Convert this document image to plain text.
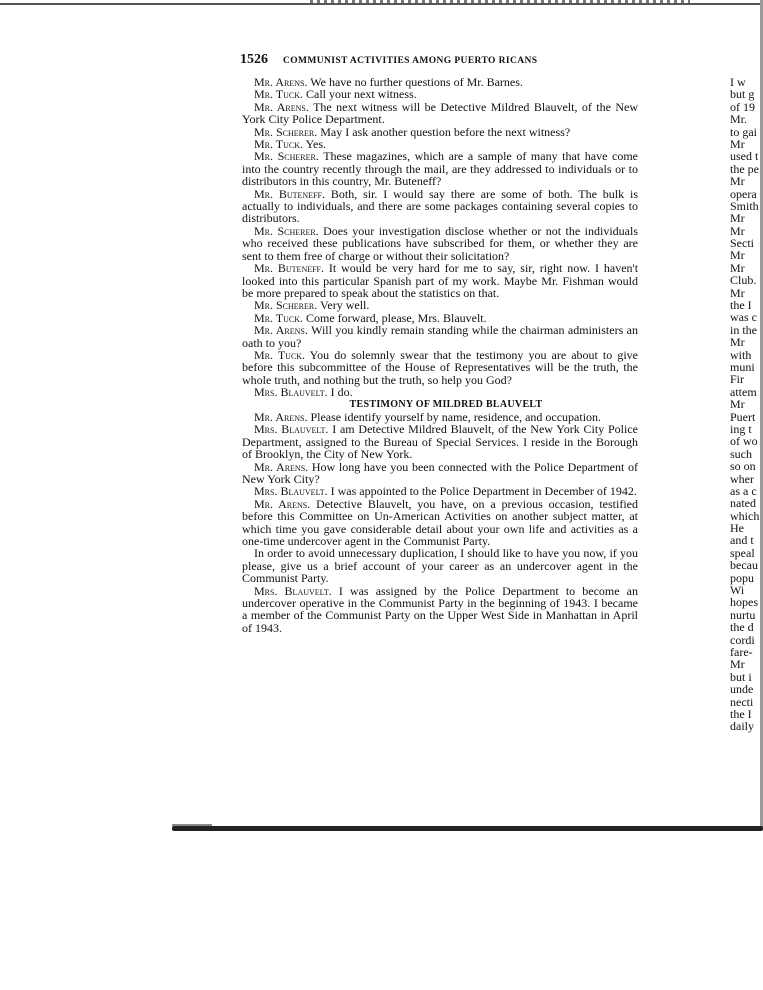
1526 COMMUNIST ACTIVITIES AMONG PUERTO RICANS

Mr. Arens. We have no further questions of Mr. Barnes.

Mr. Tuck. Call your next witness.

Mr. Arens. The next witness will be Detective Mildred Blauvelt, of the New York City Police Department.

Mr. Scherer. May I ask another question before the next witness?

Mr. Tuck. Yes.

Mr. Scherer. These magazines, which are a sample of many that have come into the country recently through the mail, are they addressed to individuals or to distributors in this country, Mr. Buteneff?

Mr. Buteneff. Both, sir. I would say there are some of both. The bulk is actually to individuals, and there are some packages containing several copies to distributors.

Mr. Scherer. Does your investigation disclose whether or not the individuals who received these publications have subscribed for them, or whether they are sent to them free of charge or without their solicitation?

Mr. Buteneff. It would be very hard for me to say, sir, right now. I haven't looked into this particular Spanish part of my work. Maybe Mr. Fishman would be more prepared to speak about the statistics on that.

Mr. Scherer. Very well.

Mr. Tuck. Come forward, please, Mrs. Blauvelt.

Mr. Arens. Will you kindly remain standing while the chairman administers an oath to you?

Mr. Tuck. You do solemnly swear that the testimony you are about to give before this subcommittee of the House of Representatives will be the truth, the whole truth, and nothing but the truth, so help you God?

Mrs. Blauvelt. I do.

TESTIMONY OF MILDRED BLAUVELT

Mr. Arens. Please identify yourself by name, residence, and occupation.

Mrs. Blauvelt. I am Detective Mildred Blauvelt, of the New York City Police Department, assigned to the Bureau of Special Services. I reside in the Borough of Brooklyn, the City of New York.

Mr. Arens. How long have you been connected with the Police Department of New York City?

Mrs. Blauvelt. I was appointed to the Police Department in December of 1942.

Mr. Arens. Detective Blauvelt, you have, on a previous occasion, testified before this Committee on Un-American Activities on another subject matter, at which time you gave considerable detail about your own life and activities as a one-time undercover agent in the Communist Party.

In order to avoid unnecessary duplication, I should like to have you now, if you please, give us a brief account of your career as an undercover agent in the Communist Party.

Mrs. Blauvelt. I was assigned by the Police Department to become an undercover operative in the Communist Party in the beginning of 1943. I became a member of the Communist Party on the Upper West Side in Manhattan in April of 1943.

I w
but g
of 19
Mr.
to gai
Mr
used t
the pe
Mr
opera
Smith
Mr
Mr
Secti
Mr
Mr
Club.
Mr
the I
was c
in the
Mr
with
muni
Fir
attem
Mr
Puert
ing t
of wo
such
so on
wher
as a c
nated
which
He
and t
speal
becau
popu
Wi
hopes
nurtu
the d
cordi
fare-
Mr
but i
unde
necti
the I
daily
